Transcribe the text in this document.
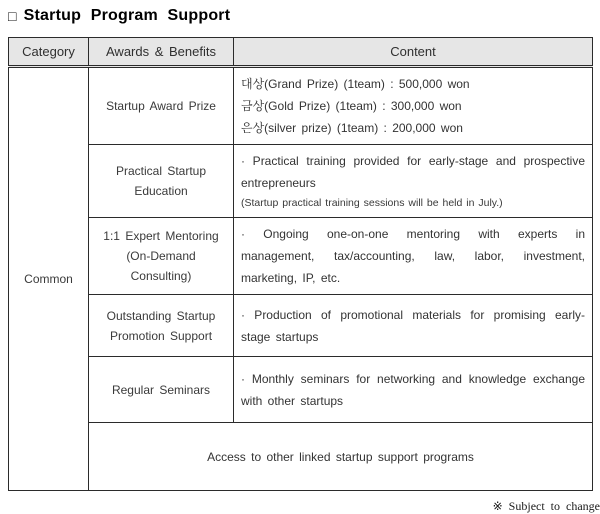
□ Startup Program Support
Category	Awards & Benefits	Content
Common	Startup Award Prize	대상(Grand Prize) (1team) : 500,000 won
금상(Gold Prize) (1team) : 300,000 won
은상(silver prize) (1team) : 200,000 won

	Practical Startup Education	· Practical training provided for early-stage and prospective entrepreneurs
(Startup practical training sessions will be held in July.)

	1:1 Expert Mentoring (On-Demand Consulting)	· Ongoing one-on-one mentoring with experts in management, tax/accounting, law, labor, investment, marketing, IP, etc.

	Outstanding Startup Promotion Support	· Production of promotional materials for promising early-stage startups

	Regular Seminars	· Monthly seminars for networking and knowledge exchange with other startups

	Access to other linked startup support programs	
※ Subject to change
